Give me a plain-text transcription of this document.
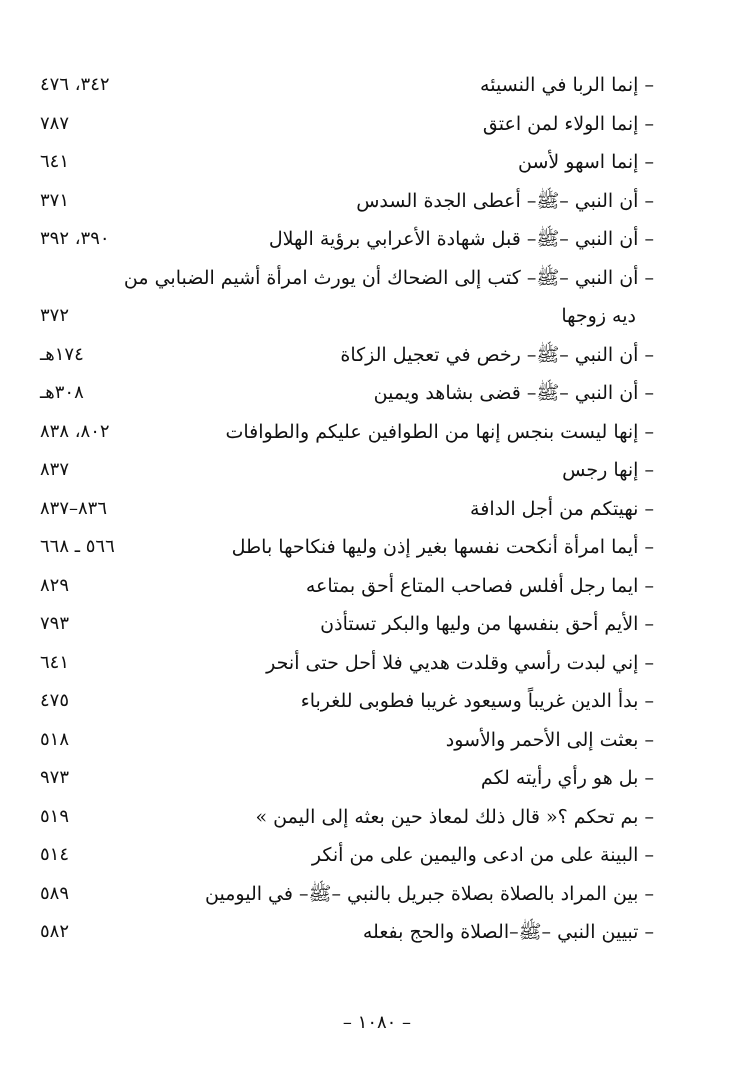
– إنما الربا في النسيئه
٣٤٢، ٤٧٦
– إنما الولاء لمن اعتق
٧٨٧
– إنما اسهو لأسن
٦٤١
– أن النبي –ﷺ– أعطى الجدة السدس
٣٧١
– أن النبي –ﷺ– قبل شهادة الأعرابي برؤية الهلال
٣٩٠، ٣٩٢
– أن النبي –ﷺ– كتب إلى الضحاك أن يورث امرأة أشيم الضبابي من
ديه زوجها
٣٧٢
– أن النبي –ﷺ– رخص في تعجيل الزكاة
١٧٤هـ
– أن النبي –ﷺ– قضى بشاهد ويمين
٣٠٨هـ
– إنها ليست بنجس إنها من الطوافين عليكم والطوافات
٨٠٢، ٨٣٨
– إنها رجس
٨٣٧
– نهيتكم من أجل الدافة
٨٣٦–٨٣٧
– أيما امرأة أنكحت نفسها بغير إذن وليها فنكاحها باطل
٥٦٦ ـ ٦٦٨
– ايما رجل أفلس فصاحب المتاع أحق بمتاعه
٨٢٩
– الأيم أحق بنفسها من وليها والبكر تستأذن
٧٩٣
– إني لبدت رأسي وقلدت هديي فلا أحل حتى أنحر
٦٤١
– بدأ الدين غريباً وسيعود غريبا فطوبى للغرباء
٤٧٥
– بعثت إلى الأحمر والأسود
٥١٨
– بل هو رأي رأيته لكم
٩٧٣
– بم تحكم ؟« قال ذلك لمعاذ حين بعثه إلى اليمن »
٥١٩
– البينة على من ادعى واليمين على من أنكر
٥١٤
– بين المراد بالصلاة بصلاة جبريل بالنبي –ﷺ– في اليومين
٥٨٩
– تبيين النبي –ﷺ–الصلاة والحج بفعله
٥٨٢
– ١٠٨٠ –
